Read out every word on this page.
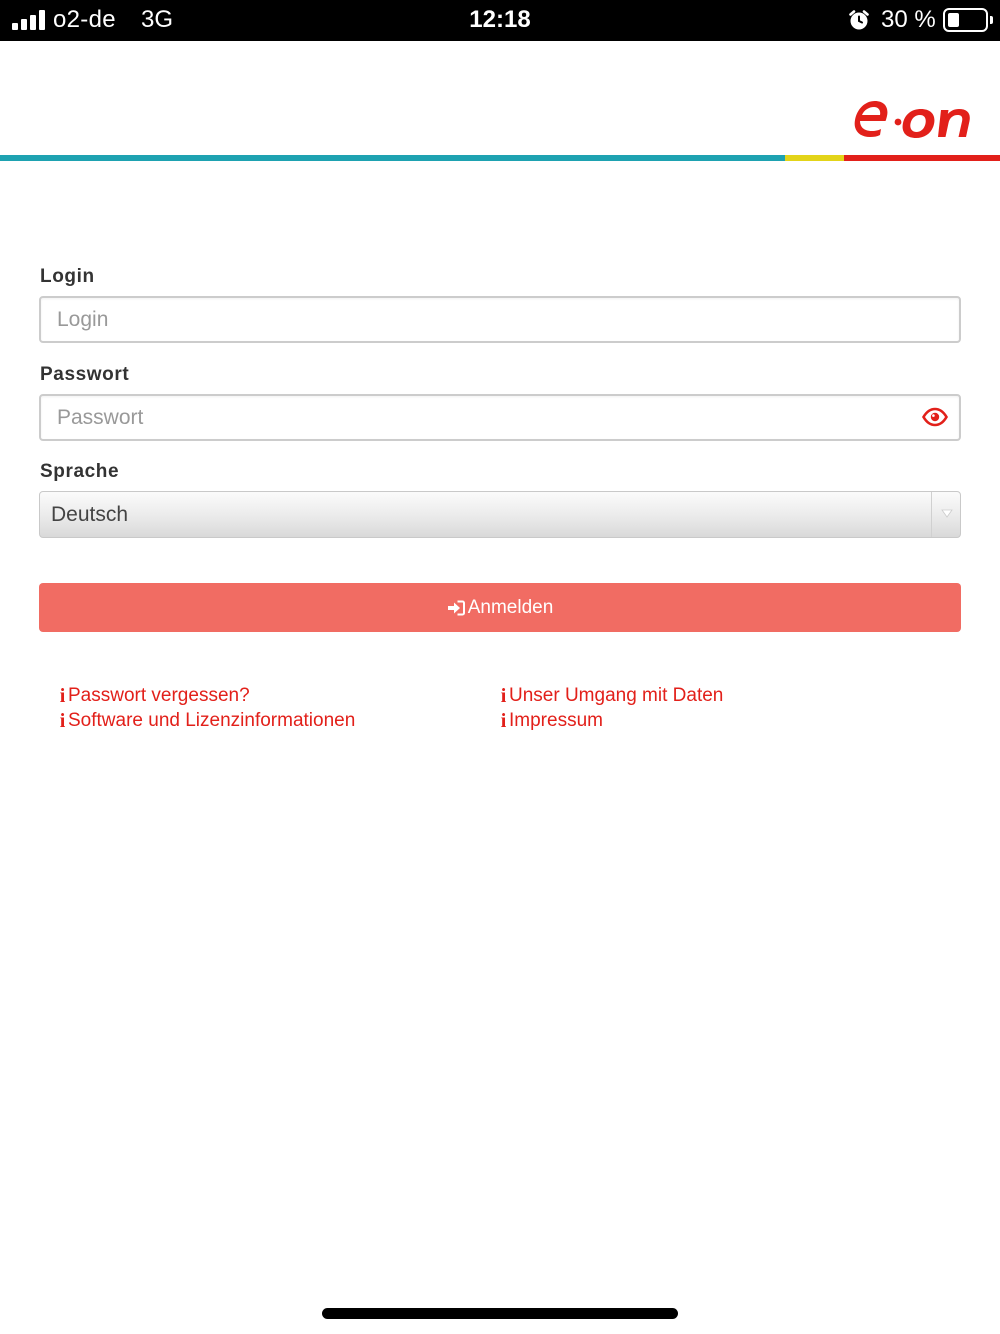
o2-de 3G	12:18	30 %
Login
Login
Passwort
Sprache
Deutsch
Anmelden
i Passwort vergessen?
i Software und Lizenzinformationen
i Unser Umgang mit Daten
i Impressum
